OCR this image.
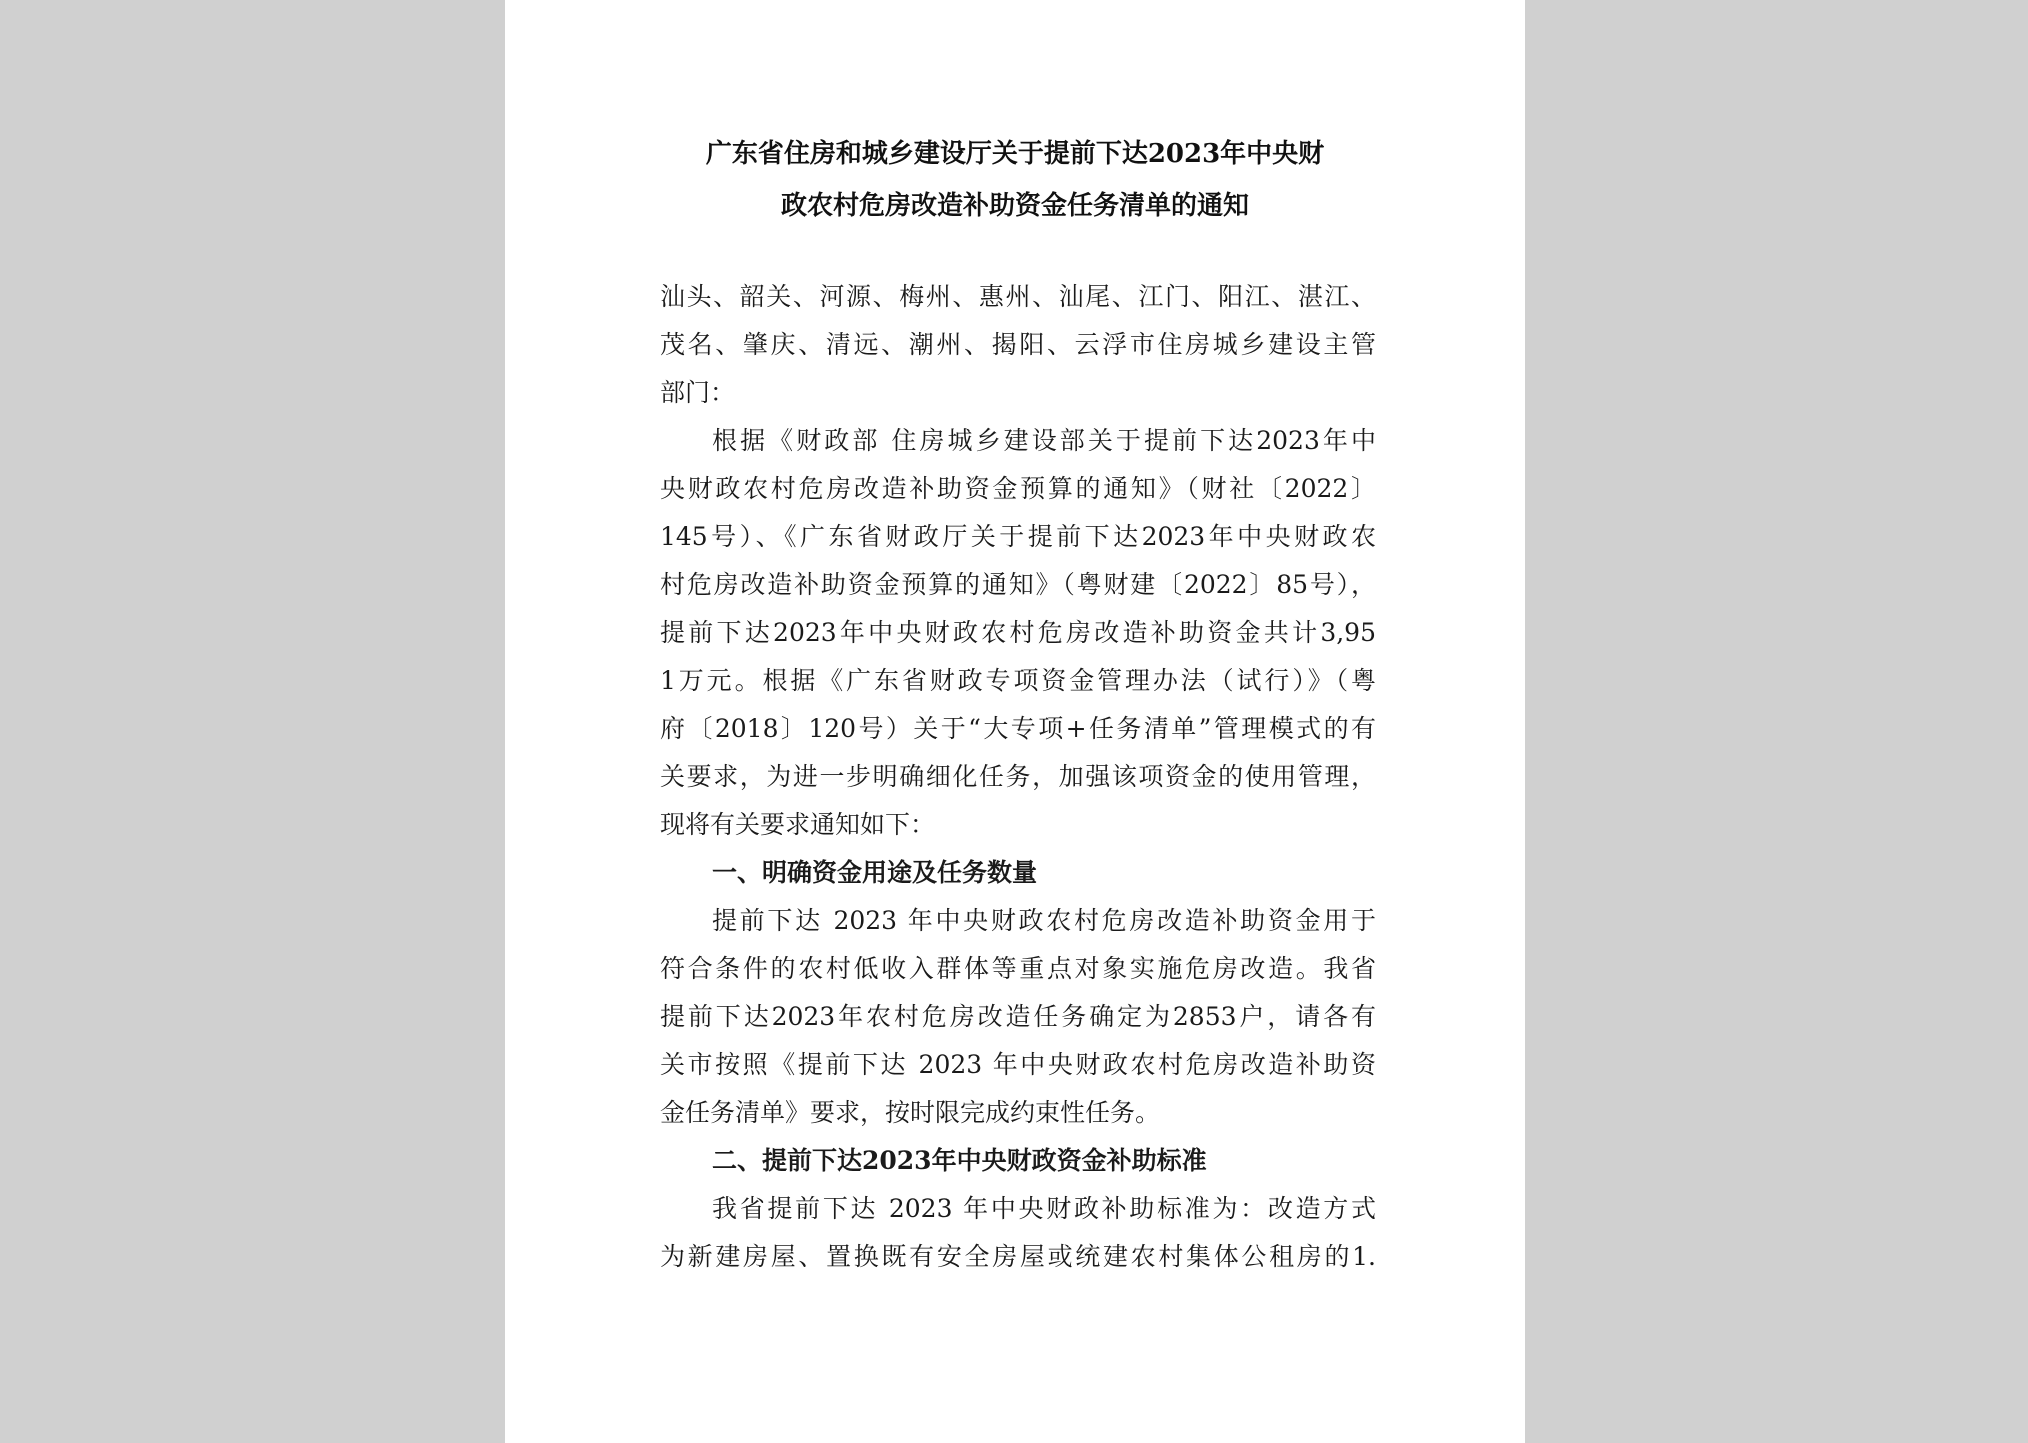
广东省住房和城乡建设厅关于提前下达2023年中央财
政农村危房改造补助资金任务清单的通知
汕头、韶关、河源、梅州、惠州、汕尾、江门、阳江、湛江、
茂名、肇庆、清远、潮州、揭阳、云浮市住房城乡建设主管
部门：
根据《财政部 住房城乡建设部关于提前下达2023年中
央财政农村危房改造补助资金预算的通知》（财社〔2022〕
145号）、《广东省财政厅关于提前下达2023年中央财政农
村危房改造补助资金预算的通知》（粤财建〔2022〕85号），
提前下达2023年中央财政农村危房改造补助资金共计3,95
1万元。根据《广东省财政专项资金管理办法（试行）》（粤
府〔2018〕120号）关于“大专项+任务清单”管理模式的有
关要求，为进一步明确细化任务，加强该项资金的使用管理，
现将有关要求通知如下：
一、明确资金用途及任务数量
提前下达 2023 年中央财政农村危房改造补助资金用于
符合条件的农村低收入群体等重点对象实施危房改造。我省
提前下达2023年农村危房改造任务确定为2853户，请各有
关市按照《提前下达 2023 年中央财政农村危房改造补助资
金任务清单》要求，按时限完成约束性任务。
二、提前下达2023年中央财政资金补助标准
我省提前下达 2023 年中央财政补助标准为：改造方式
为新建房屋、置换既有安全房屋或统建农村集体公租房的1.
